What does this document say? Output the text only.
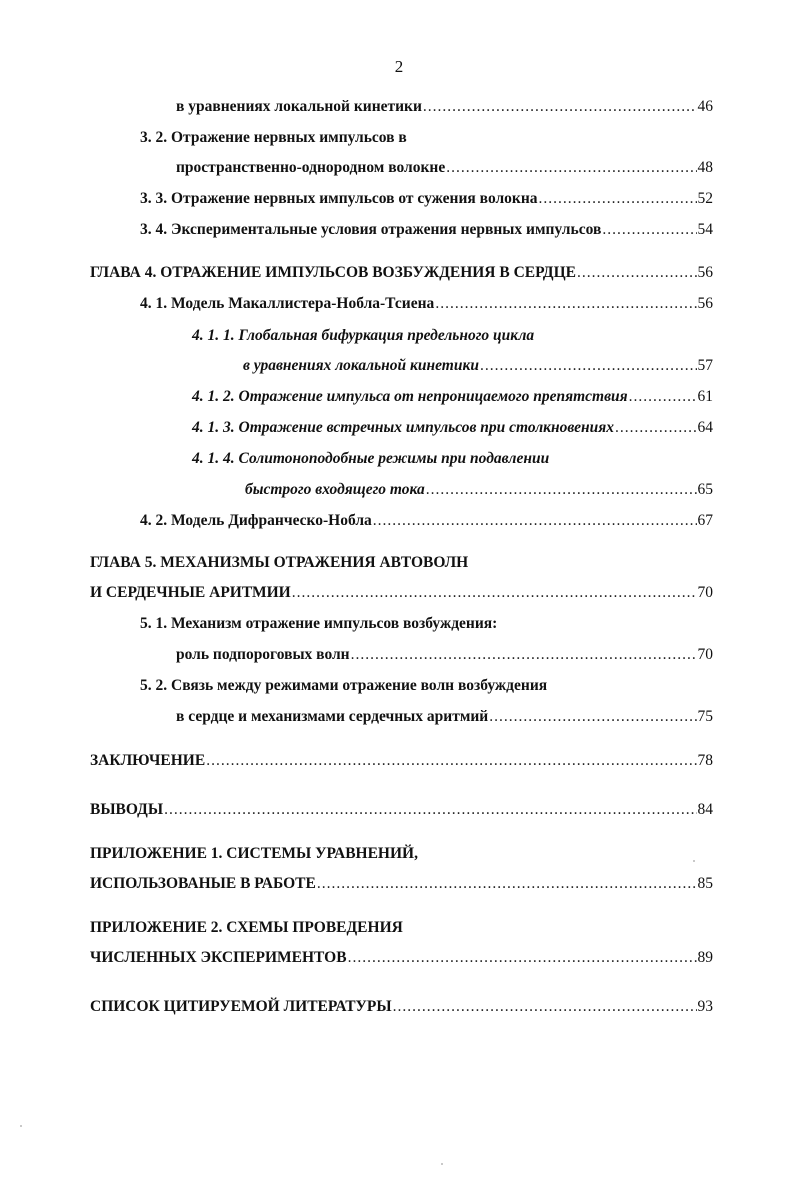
2
в уравнениях локальной кинетики .....	46
3. 2. Отражение нервных импульсов в
пространственно-однородном волокне .....	48
3. 3. Отражение нервных импульсов от сужения волокна .....	52
3. 4. Экспериментальные условия отражения нервных импульсов .....	54
ГЛАВА 4. ОТРАЖЕНИЕ ИМПУЛЬСОВ ВОЗБУЖДЕНИЯ В СЕРДЦЕ .....	56
4. 1. Модель Макаллистера-Нобла-Тсиена .....	56
4. 1. 1. Глобальная бифуркация предельного цикла
в уравнениях локальной кинетики .....	57
4. 1. 2. Отражение импульса от непроницаемого препятствия .....	61
4. 1. 3. Отражение встречных импульсов при столкновениях .....	64
4. 1. 4. Солитоноподобные режимы при подавлении
быстрого входящего тока .....	65
4. 2. Модель Дифранческо-Нобла .....	67
ГЛАВА 5. МЕХАНИЗМЫ ОТРАЖЕНИЯ АВТОВОЛН
И СЕРДЕЧНЫЕ АРИТМИИ .....	70
5. 1. Механизм отражение импульсов возбуждения:
роль подпороговых волн .....	70
5. 2. Связь между режимами отражение волн возбуждения
в сердце и механизмами сердечных аритмий .....	75
ЗАКЛЮЧЕНИЕ .....	78
ВЫВОДЫ .....	84
ПРИЛОЖЕНИЕ 1. СИСТЕМЫ УРАВНЕНИЙ,
ИСПОЛЬЗОВАНЫЕ В РАБОТЕ .....	85
ПРИЛОЖЕНИЕ 2. СХЕМЫ ПРОВЕДЕНИЯ
ЧИСЛЕННЫХ ЭКСПЕРИМЕНТОВ .....	89
СПИСОК ЦИТИРУЕМОЙ ЛИТЕРАТУРЫ .....	93
